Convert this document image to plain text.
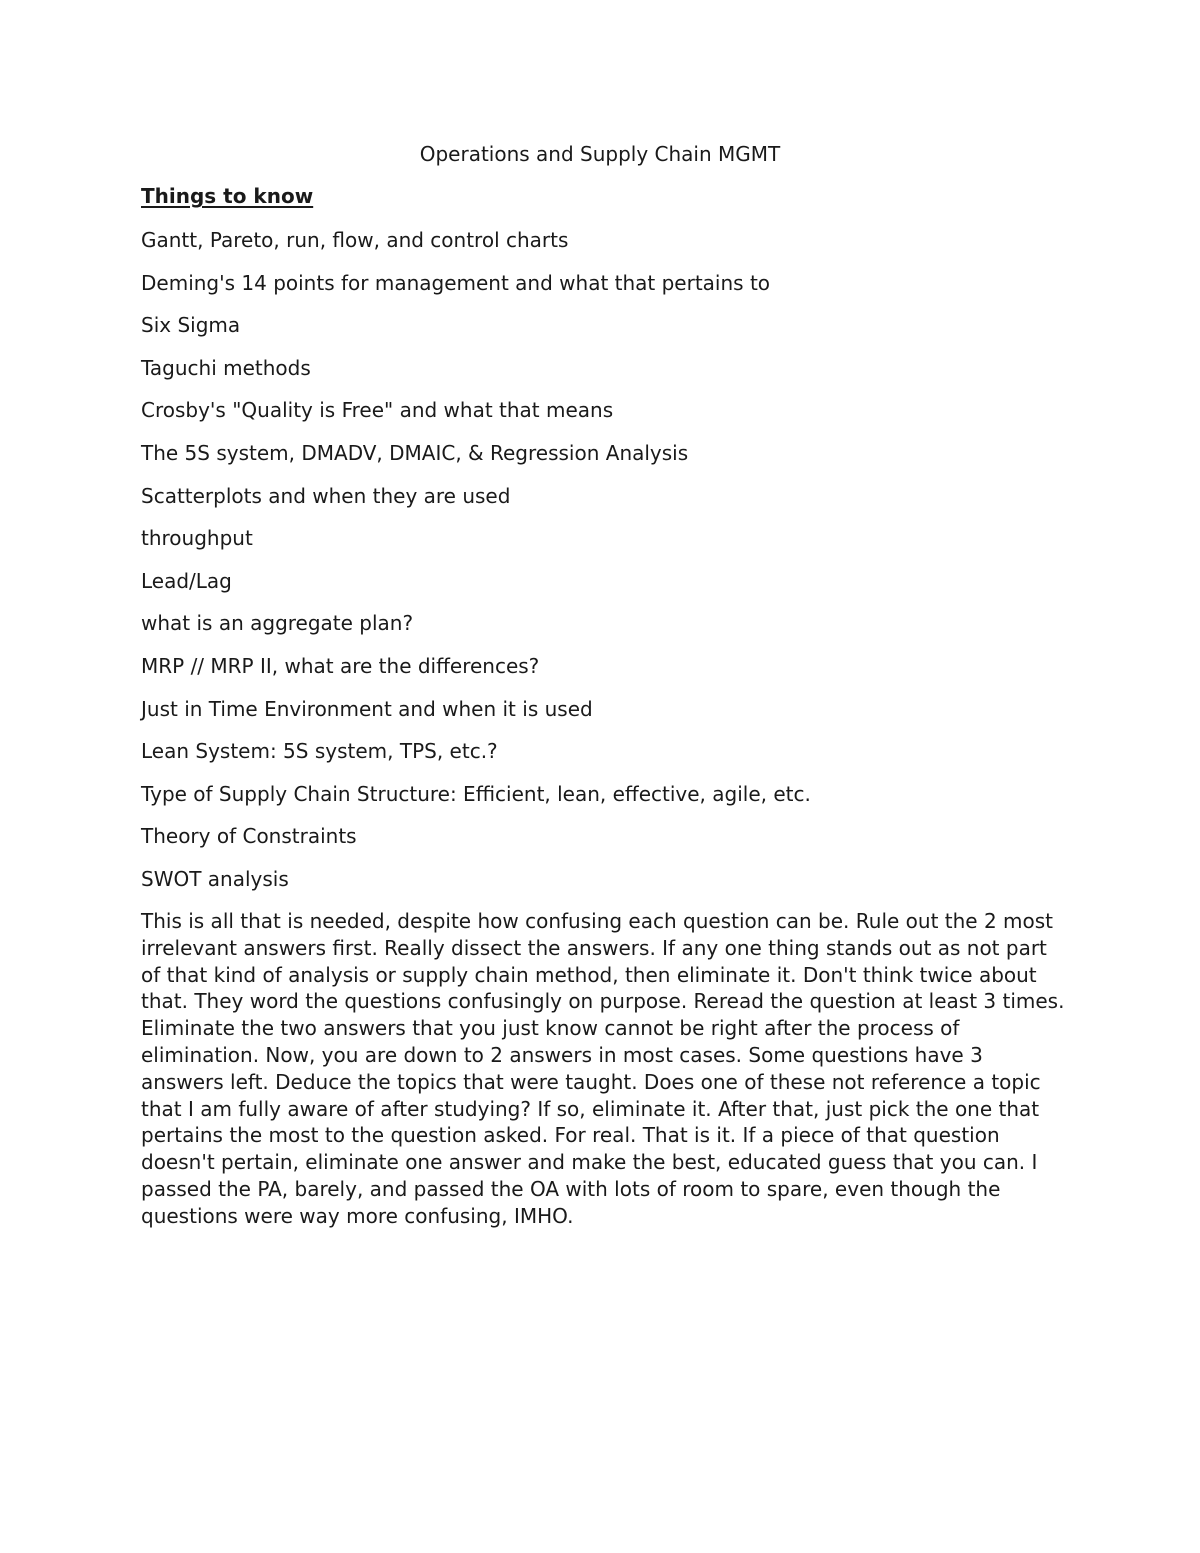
Operations and Supply Chain MGMT
Things to know
Gantt, Pareto, run, flow, and control charts
Deming's 14 points for management and what that pertains to
Six Sigma
Taguchi methods
Crosby's "Quality is Free" and what that means
The 5S system, DMADV, DMAIC, & Regression Analysis
Scatterplots and when they are used
throughput
Lead/Lag
what is an aggregate plan?
MRP // MRP II, what are the differences?
Just in Time Environment and when it is used
Lean System: 5S system, TPS, etc.?
Type of Supply Chain Structure: Efficient, lean, effective, agile, etc.
Theory of Constraints
SWOT analysis

This is all that is needed, despite how confusing each question can be. Rule out the 2 most irrelevant answers first. Really dissect the answers. If any one thing stands out as not part of that kind of analysis or supply chain method, then eliminate it. Don't think twice about that. They word the questions confusingly on purpose. Reread the question at least 3 times. Eliminate the two answers that you just know cannot be right after the process of elimination. Now, you are down to 2 answers in most cases. Some questions have 3 answers left. Deduce the topics that were taught. Does one of these not reference a topic that I am fully aware of after studying? If so, eliminate it. After that, just pick the one that pertains the most to the question asked. For real. That is it. If a piece of that question doesn't pertain, eliminate one answer and make the best, educated guess that you can. I passed the PA, barely, and passed the OA with lots of room to spare, even though the questions were way more confusing, IMHO.
